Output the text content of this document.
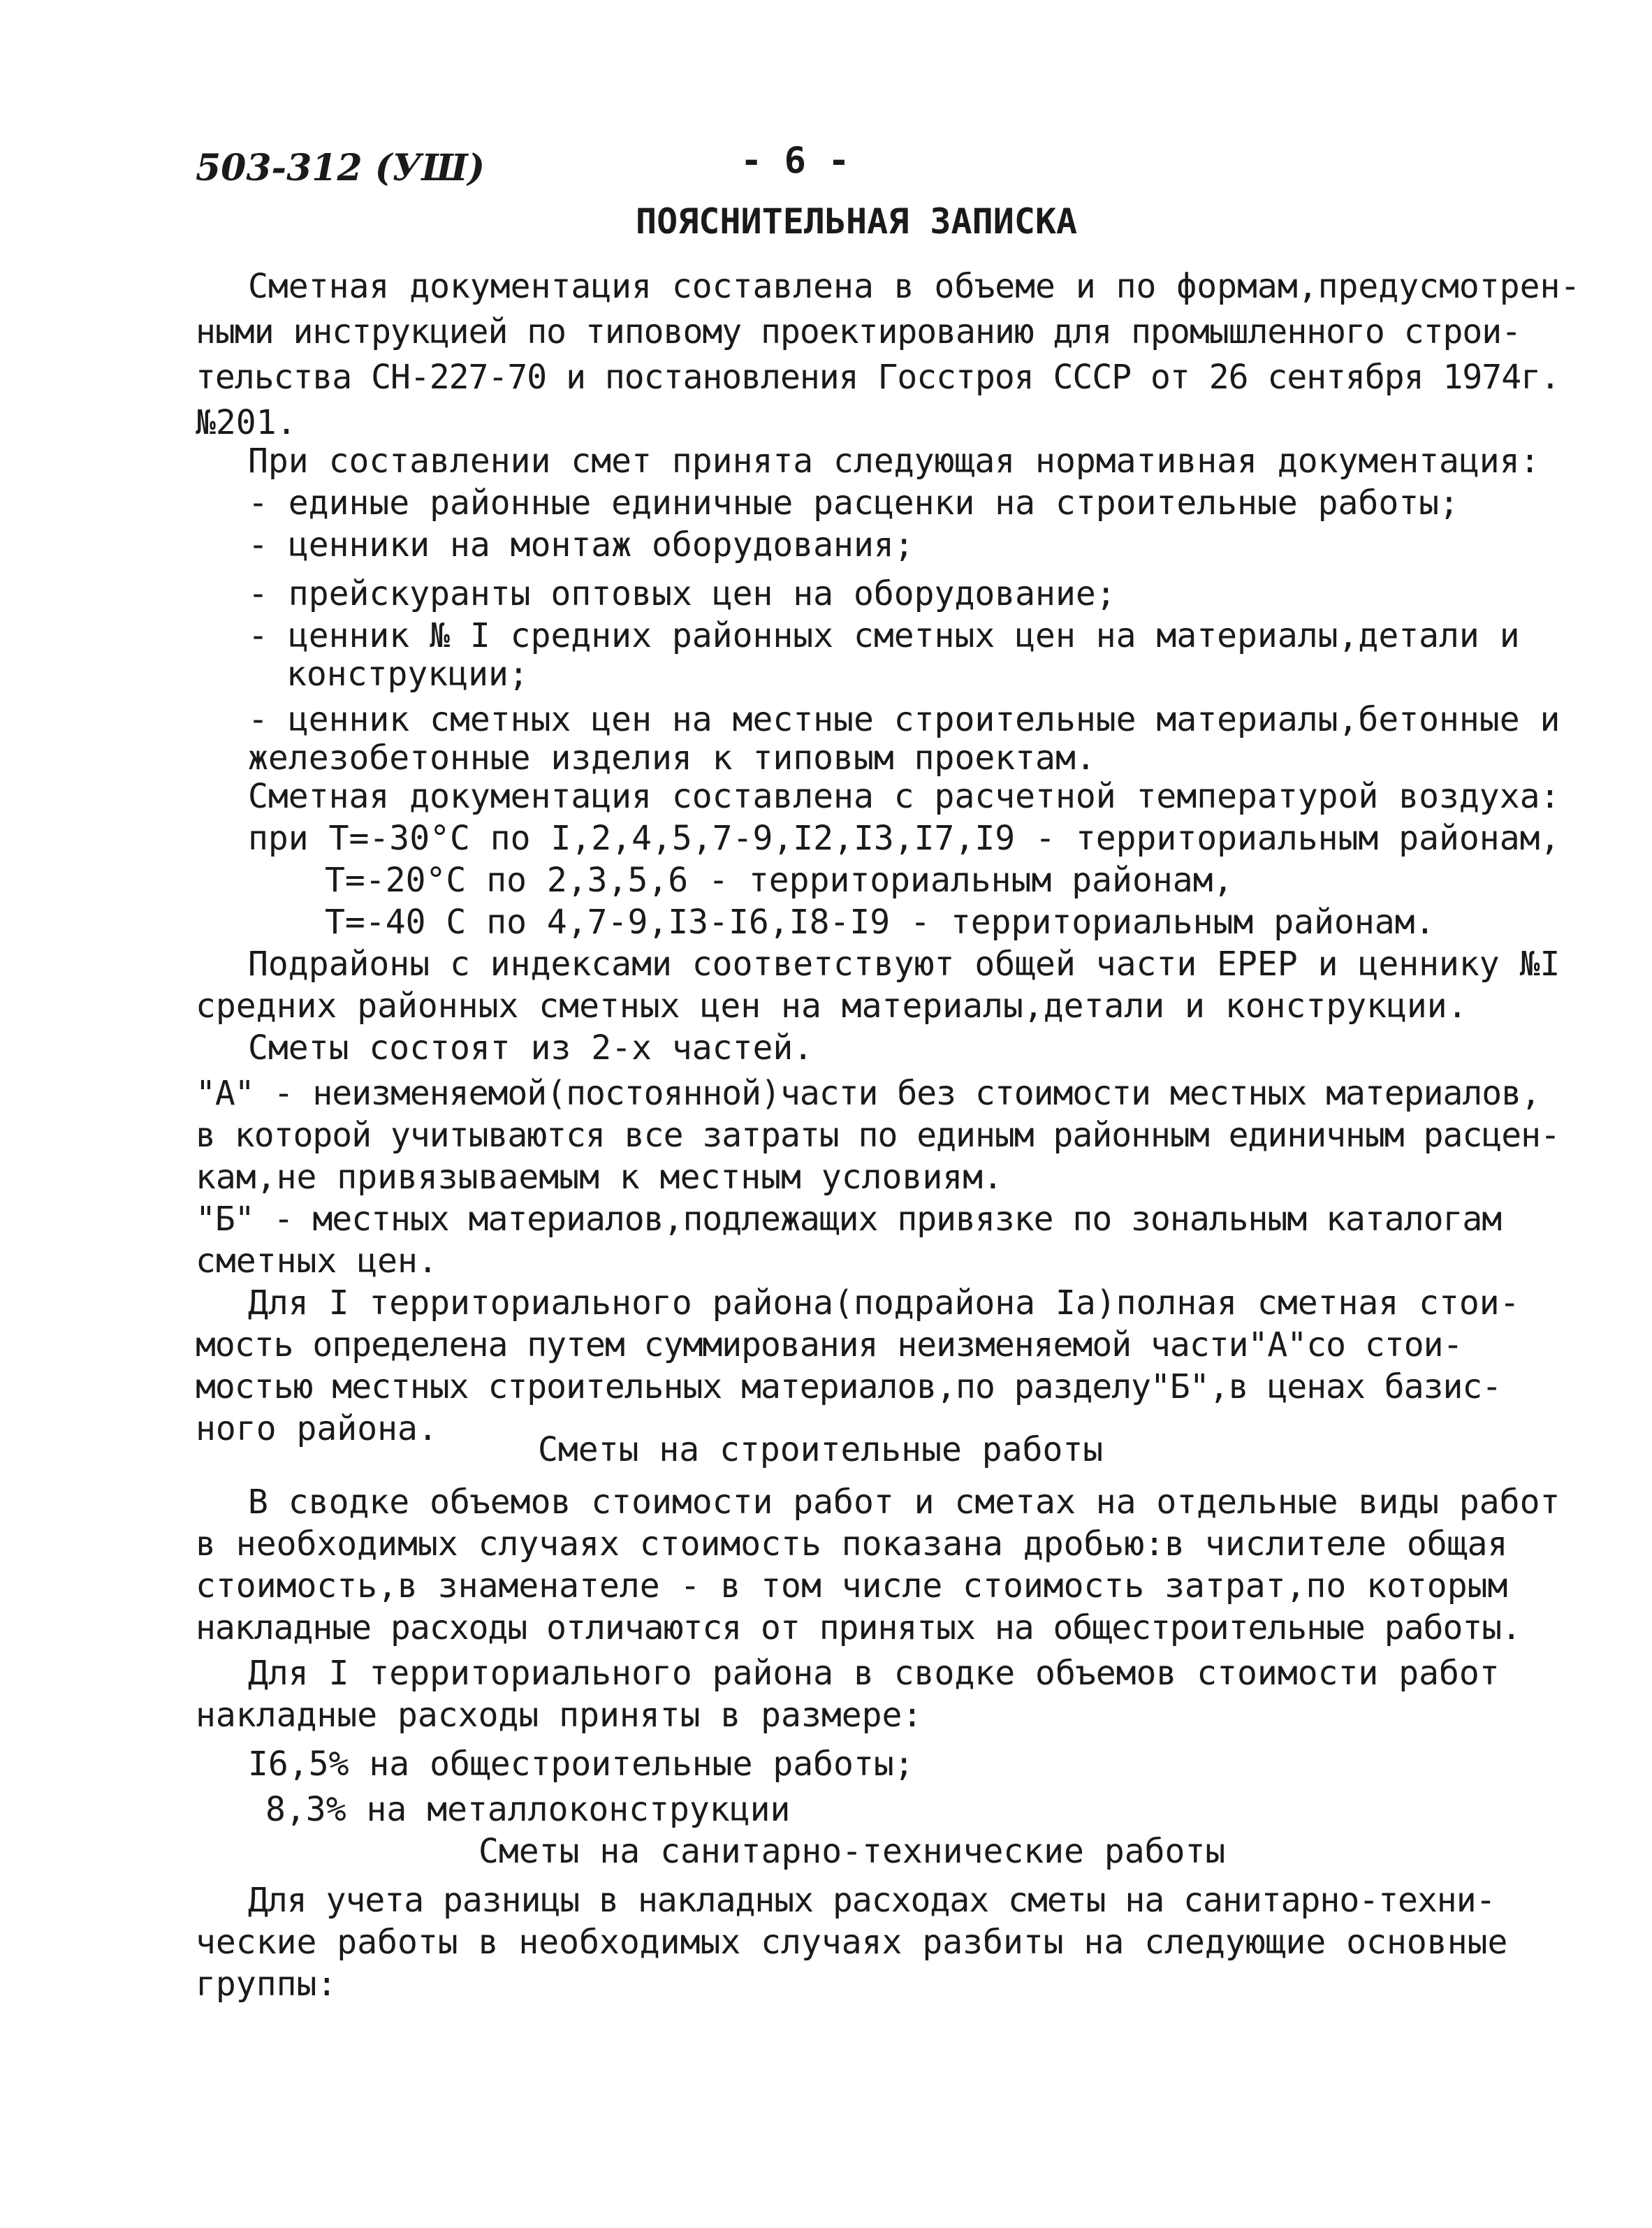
503-312 (УШ)	- 6 -
ПОЯСНИТЕЛЬНАЯ ЗАПИСКА
Сметная документация составлена в объеме и по формам,предусмотрен-
ными инструкцией по типовому проектированию для промышленного строи-
тельства СН-227-70 и постановления Госстроя СССР от 26 сентября 1974г.
№201.
При составлении смет принята следующая нормативная документация:
- единые районные единичные расценки на строительные работы;
- ценники на монтаж оборудования;
- прейскуранты оптовых цен на оборудование;
- ценник № I средних районных сметных цен на материалы,детали и
конструкции;
- ценник сметных цен на местные строительные материалы,бетонные и
железобетонные изделия к типовым проектам.
Сметная документация составлена с расчетной температурой воздуха:
при Т=-30°С по I,2,4,5,7-9,I2,I3,I7,I9 - территориальным районам,
Т=-20°С по 2,3,5,6 - территориальным районам,
Т=-40 С по 4,7-9,I3-I6,I8-I9 - территориальным районам.
Подрайоны с индексами соответствуют общей части ЕРЕР и ценнику №I
средних районных сметных цен на материалы,детали и конструкции.
Сметы состоят из 2-х частей.
"А" - неизменяемой(постоянной)части без стоимости местных материалов,
в которой учитываются все затраты по единым районным единичным расцен-
кам,не привязываемым к местным условиям.
"Б" - местных материалов,подлежащих привязке по зональным каталогам
сметных цен.
Для I территориального района(подрайона Iа)полная сметная стои-
мость определена путем суммирования неизменяемой части"А"со стои-
мостью местных строительных материалов,по разделу"Б",в ценах базис-
ного района.
Сметы на строительные работы
В сводке объемов стоимости работ и сметах на отдельные виды работ
в необходимых случаях стоимость показана дробью:в числителе общая
стоимость,в знаменателе - в том числе стоимость затрат,по которым
накладные расходы отличаются от принятых на общестроительные работы.
Для I территориального района в сводке объемов стоимости работ
накладные расходы приняты в размере:
I6,5% на общестроительные работы;
8,3% на металлоконструкции
Сметы на санитарно-технические работы
Для учета разницы в накладных расходах сметы на санитарно-техни-
ческие работы в необходимых случаях разбиты на следующие основные
группы:
